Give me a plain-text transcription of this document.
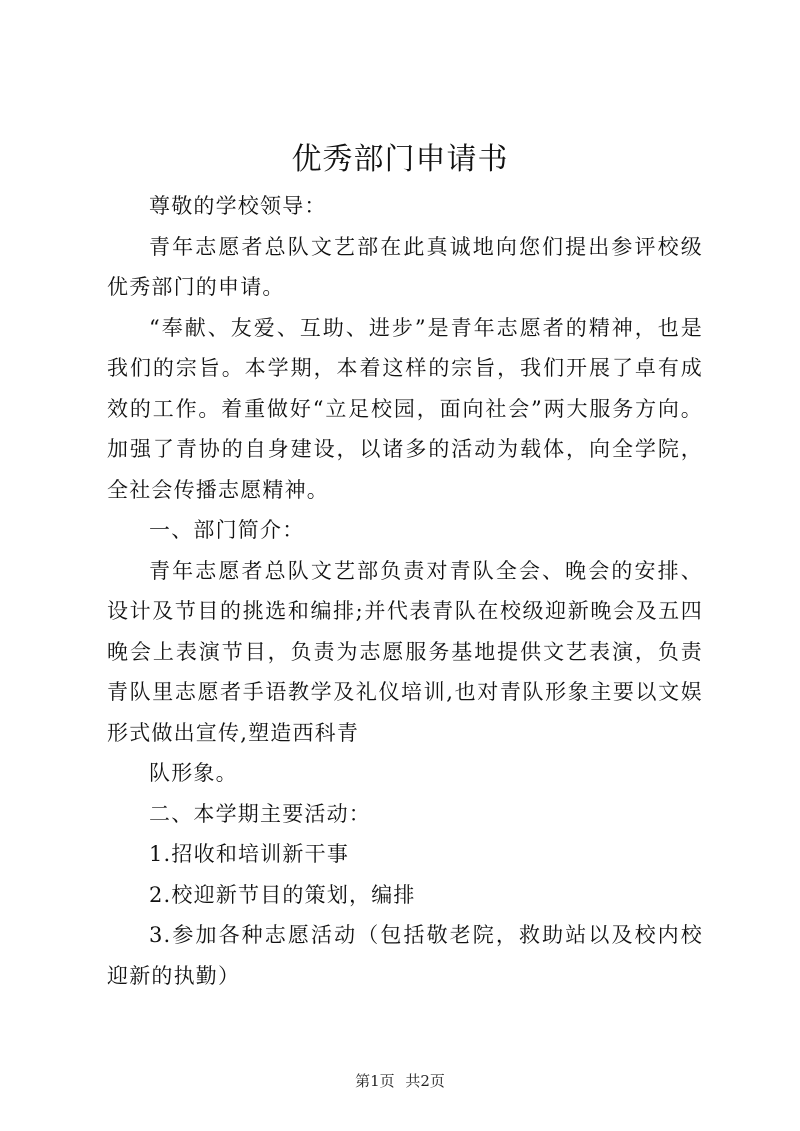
优秀部门申请书

尊敬的学校领导：

青年志愿者总队文艺部在此真诚地向您们提出参评校级优秀部门的申请。

“奉献、友爱、互助、进步”是青年志愿者的精神，也是我们的宗旨。本学期，本着这样的宗旨，我们开展了卓有成效的工作。着重做好“立足校园，面向社会”两大服务方向。加强了青协的自身建设，以诸多的活动为载体，向全学院，全社会传播志愿精神。

一、部门简介：

青年志愿者总队文艺部负责对青队全会、晚会的安排、设计及节目的挑选和编排;并代表青队在校级迎新晚会及五四晚会上表演节目，负责为志愿服务基地提供文艺表演，负责青队里志愿者手语教学及礼仪培训,也对青队形象主要以文娱形式做出宣传,塑造西科青

队形象。

二、本学期主要活动：

1.招收和培训新干事

2.校迎新节目的策划，编排

3.参加各种志愿活动（包括敬老院，救助站以及校内校迎新的执勤）

第1页 共2页
